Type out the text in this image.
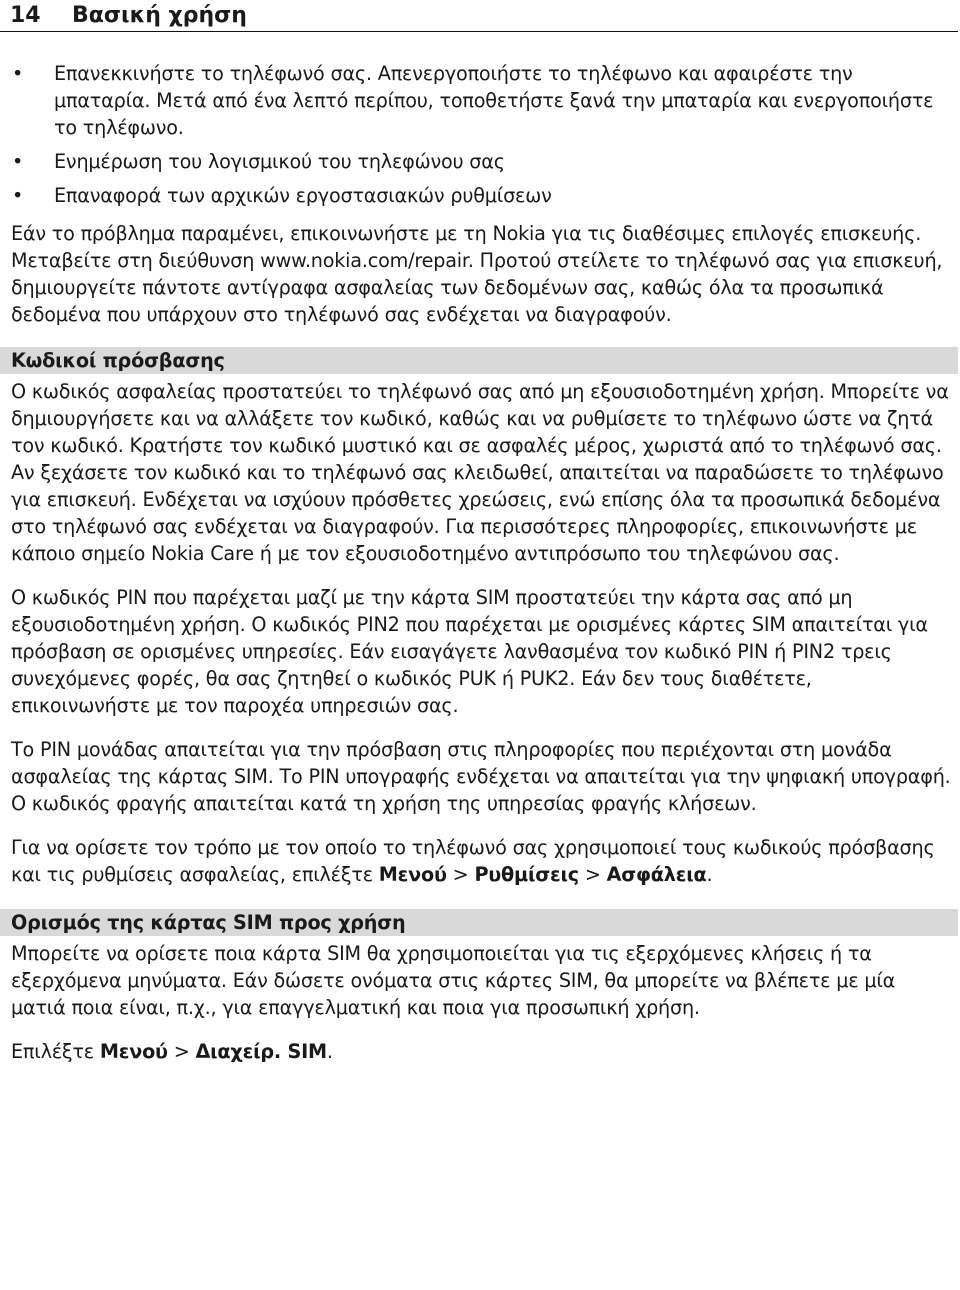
14 Βασική χρήση
• Επανεκκινήστε το τηλέφωνό σας. Απενεργοποιήστε το τηλέφωνο και αφαιρέστε την μπαταρία. Μετά από ένα λεπτό περίπου, τοποθετήστε ξανά την μπαταρία και ενεργοποιήστε το τηλέφωνο.
• Ενημέρωση του λογισμικού του τηλεφώνου σας
• Επαναφορά των αρχικών εργοστασιακών ρυθμίσεων

Εάν το πρόβλημα παραμένει, επικοινωνήστε με τη Nokia για τις διαθέσιμες επιλογές επισκευής. Μεταβείτε στη διεύθυνση www.nokia.com/repair. Προτού στείλετε το τηλέφωνό σας για επισκευή, δημιουργείτε πάντοτε αντίγραφα ασφαλείας των δεδομένων σας, καθώς όλα τα προσωπικά δεδομένα που υπάρχουν στο τηλέφωνό σας ενδέχεται να διαγραφούν.

Κωδικοί πρόσβασης

Ο κωδικός ασφαλείας προστατεύει το τηλέφωνό σας από μη εξουσιοδοτημένη χρήση. Μπορείτε να δημιουργήσετε και να αλλάξετε τον κωδικό, καθώς και να ρυθμίσετε το τηλέφωνο ώστε να ζητά τον κωδικό. Κρατήστε τον κωδικό μυστικό και σε ασφαλές μέρος, χωριστά από το τηλέφωνό σας. Αν ξεχάσετε τον κωδικό και το τηλέφωνό σας κλειδωθεί, απαιτείται να παραδώσετε το τηλέφωνο για επισκευή. Ενδέχεται να ισχύουν πρόσθετες χρεώσεις, ενώ επίσης όλα τα προσωπικά δεδομένα στο τηλέφωνό σας ενδέχεται να διαγραφούν. Για περισσότερες πληροφορίες, επικοινωνήστε με κάποιο σημείο Nokia Care ή με τον εξουσιοδοτημένο αντιπρόσωπο του τηλεφώνου σας.

Ο κωδικός PIN που παρέχεται μαζί με την κάρτα SIM προστατεύει την κάρτα σας από μη εξουσιοδοτημένη χρήση. Ο κωδικός PIN2 που παρέχεται με ορισμένες κάρτες SIM απαιτείται για πρόσβαση σε ορισμένες υπηρεσίες. Εάν εισαγάγετε λανθασμένα τον κωδικό PIN ή PIN2 τρεις συνεχόμενες φορές, θα σας ζητηθεί ο κωδικός PUK ή PUK2. Εάν δεν τους διαθέτετε, επικοινωνήστε με τον παροχέα υπηρεσιών σας.

Το PIN μονάδας απαιτείται για την πρόσβαση στις πληροφορίες που περιέχονται στη μονάδα ασφαλείας της κάρτας SIM. Το PIN υπογραφής ενδέχεται να απαιτείται για την ψηφιακή υπογραφή. Ο κωδικός φραγής απαιτείται κατά τη χρήση της υπηρεσίας φραγής κλήσεων.

Για να ορίσετε τον τρόπο με τον οποίο το τηλέφωνό σας χρησιμοποιεί τους κωδικούς πρόσβασης και τις ρυθμίσεις ασφαλείας, επιλέξτε Μενού > Ρυθμίσεις > Ασφάλεια.

Ορισμός της κάρτας SIM προς χρήση

Μπορείτε να ορίσετε ποια κάρτα SIM θα χρησιμοποιείται για τις εξερχόμενες κλήσεις ή τα εξερχόμενα μηνύματα. Εάν δώσετε ονόματα στις κάρτες SIM, θα μπορείτε να βλέπετε με μία ματιά ποια είναι, π.χ., για επαγγελματική και ποια για προσωπική χρήση.

Επιλέξτε Μενού > Διαχείρ. SIM.
